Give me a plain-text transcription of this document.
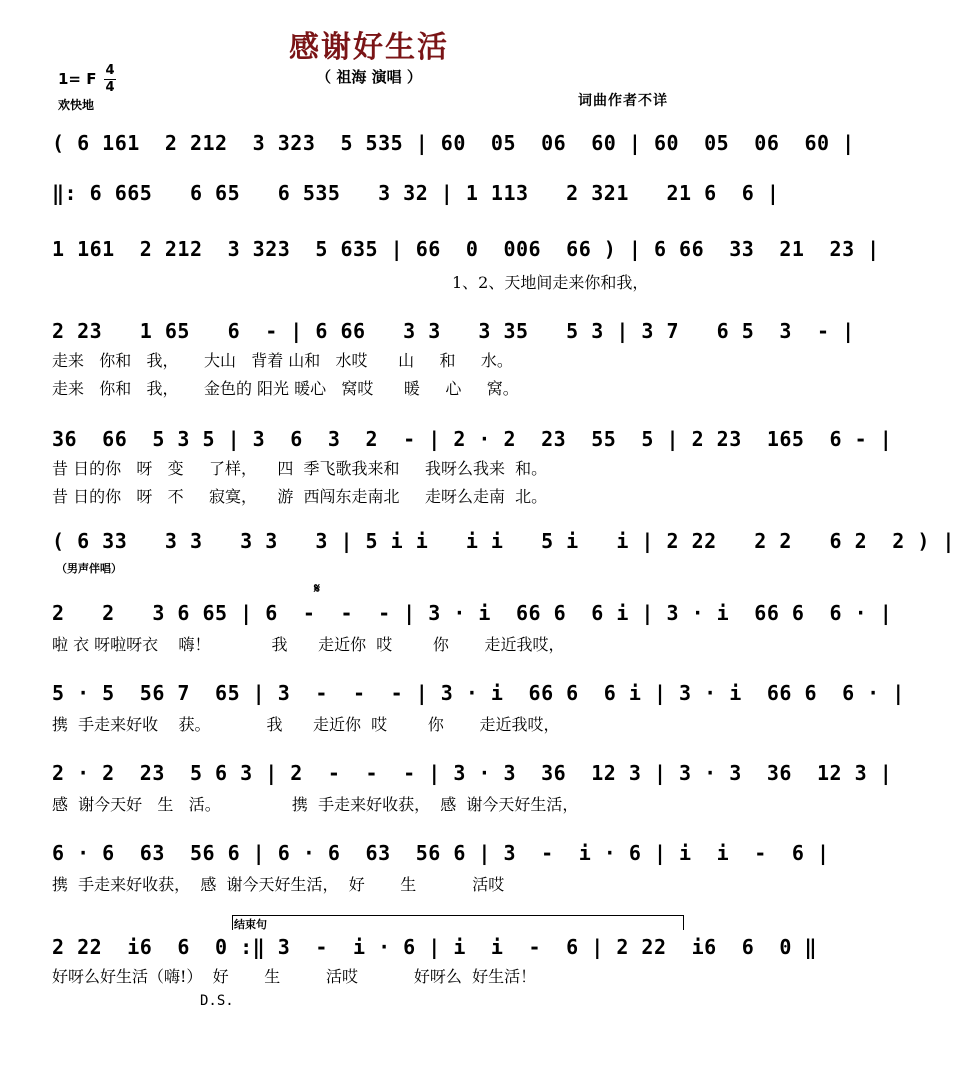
感谢好生活
（ 祖海 演唱 ）
1= F 4
4
欢快地	词曲作者不详
( 6 161  2 212  3 323  5 535 | 60  05  06  60 | 60  05  06  60 |
‖: 6 665   6 65   6 535   3 32 | 1 113   2 321   21 6  6 |
1 161  2 212  3 323  5 635 | 66  0  006  66 ) | 6 66  33  21  23 |
1、2、天地间走来你和我，
2 23   1 65   6  - | 6 66   3 3   3 35   5 3 | 3 7   6 5  3  - |
走来   你和   我，     大山   背着 山和   水哎      山     和     水。
走来   你和   我，     金色的 阳光 暖心   窝哎      暖     心     窝。
36  66  5 3 5 | 3  6  3  2  - | 2 · 2  23  55  5 | 2 23  165  6 - |
昔 日的你   呀   变     了样，    四  季飞歌我来和     我呀么我来  和。
昔 日的你   呀   不     寂寞，    游  西闯东走南北     走呀么走南  北。
( 6 33   3 3   3 3   3 | 5 i i   i i   5 i   i | 2 22   2 2   6 2  2 ) |
（男声伴唱）
𝄋
2   2   3 6 65 | 6  -  -  - | 3 · i  66 6  6 i | 3 · i  66 6  6 · |
啦 衣 呀啦呀衣    嗨！            我      走近你  哎        你       走近我哎，
5 · 5  56 7  65 | 3  -  -  - | 3 · i  66 6  6 i | 3 · i  66 6  6 · |
携  手走来好收    获。           我      走近你  哎        你       走近我哎，
2 · 2  23  5 6 3 | 2  -  -  - | 3 · 3  36  12 3 | 3 · 3  36  12 3 |
感  谢今天好   生   活。              携  手走来好收获，  感  谢今天好生活，
6 · 6  63  56 6 | 6 · 6  63  56 6 | 3  -  i · 6 | i  i  -  6 |
携  手走来好收获，  感  谢今天好生活，  好       生           活哎
结束句
2 22  i6  6  0 :‖ 3  -  i · 6 | i  i  -  6 | 2 22  i6  6  0 ‖
好呀么好生活（嗨!）  好       生         活哎           好呀么  好生活！
D.S.
